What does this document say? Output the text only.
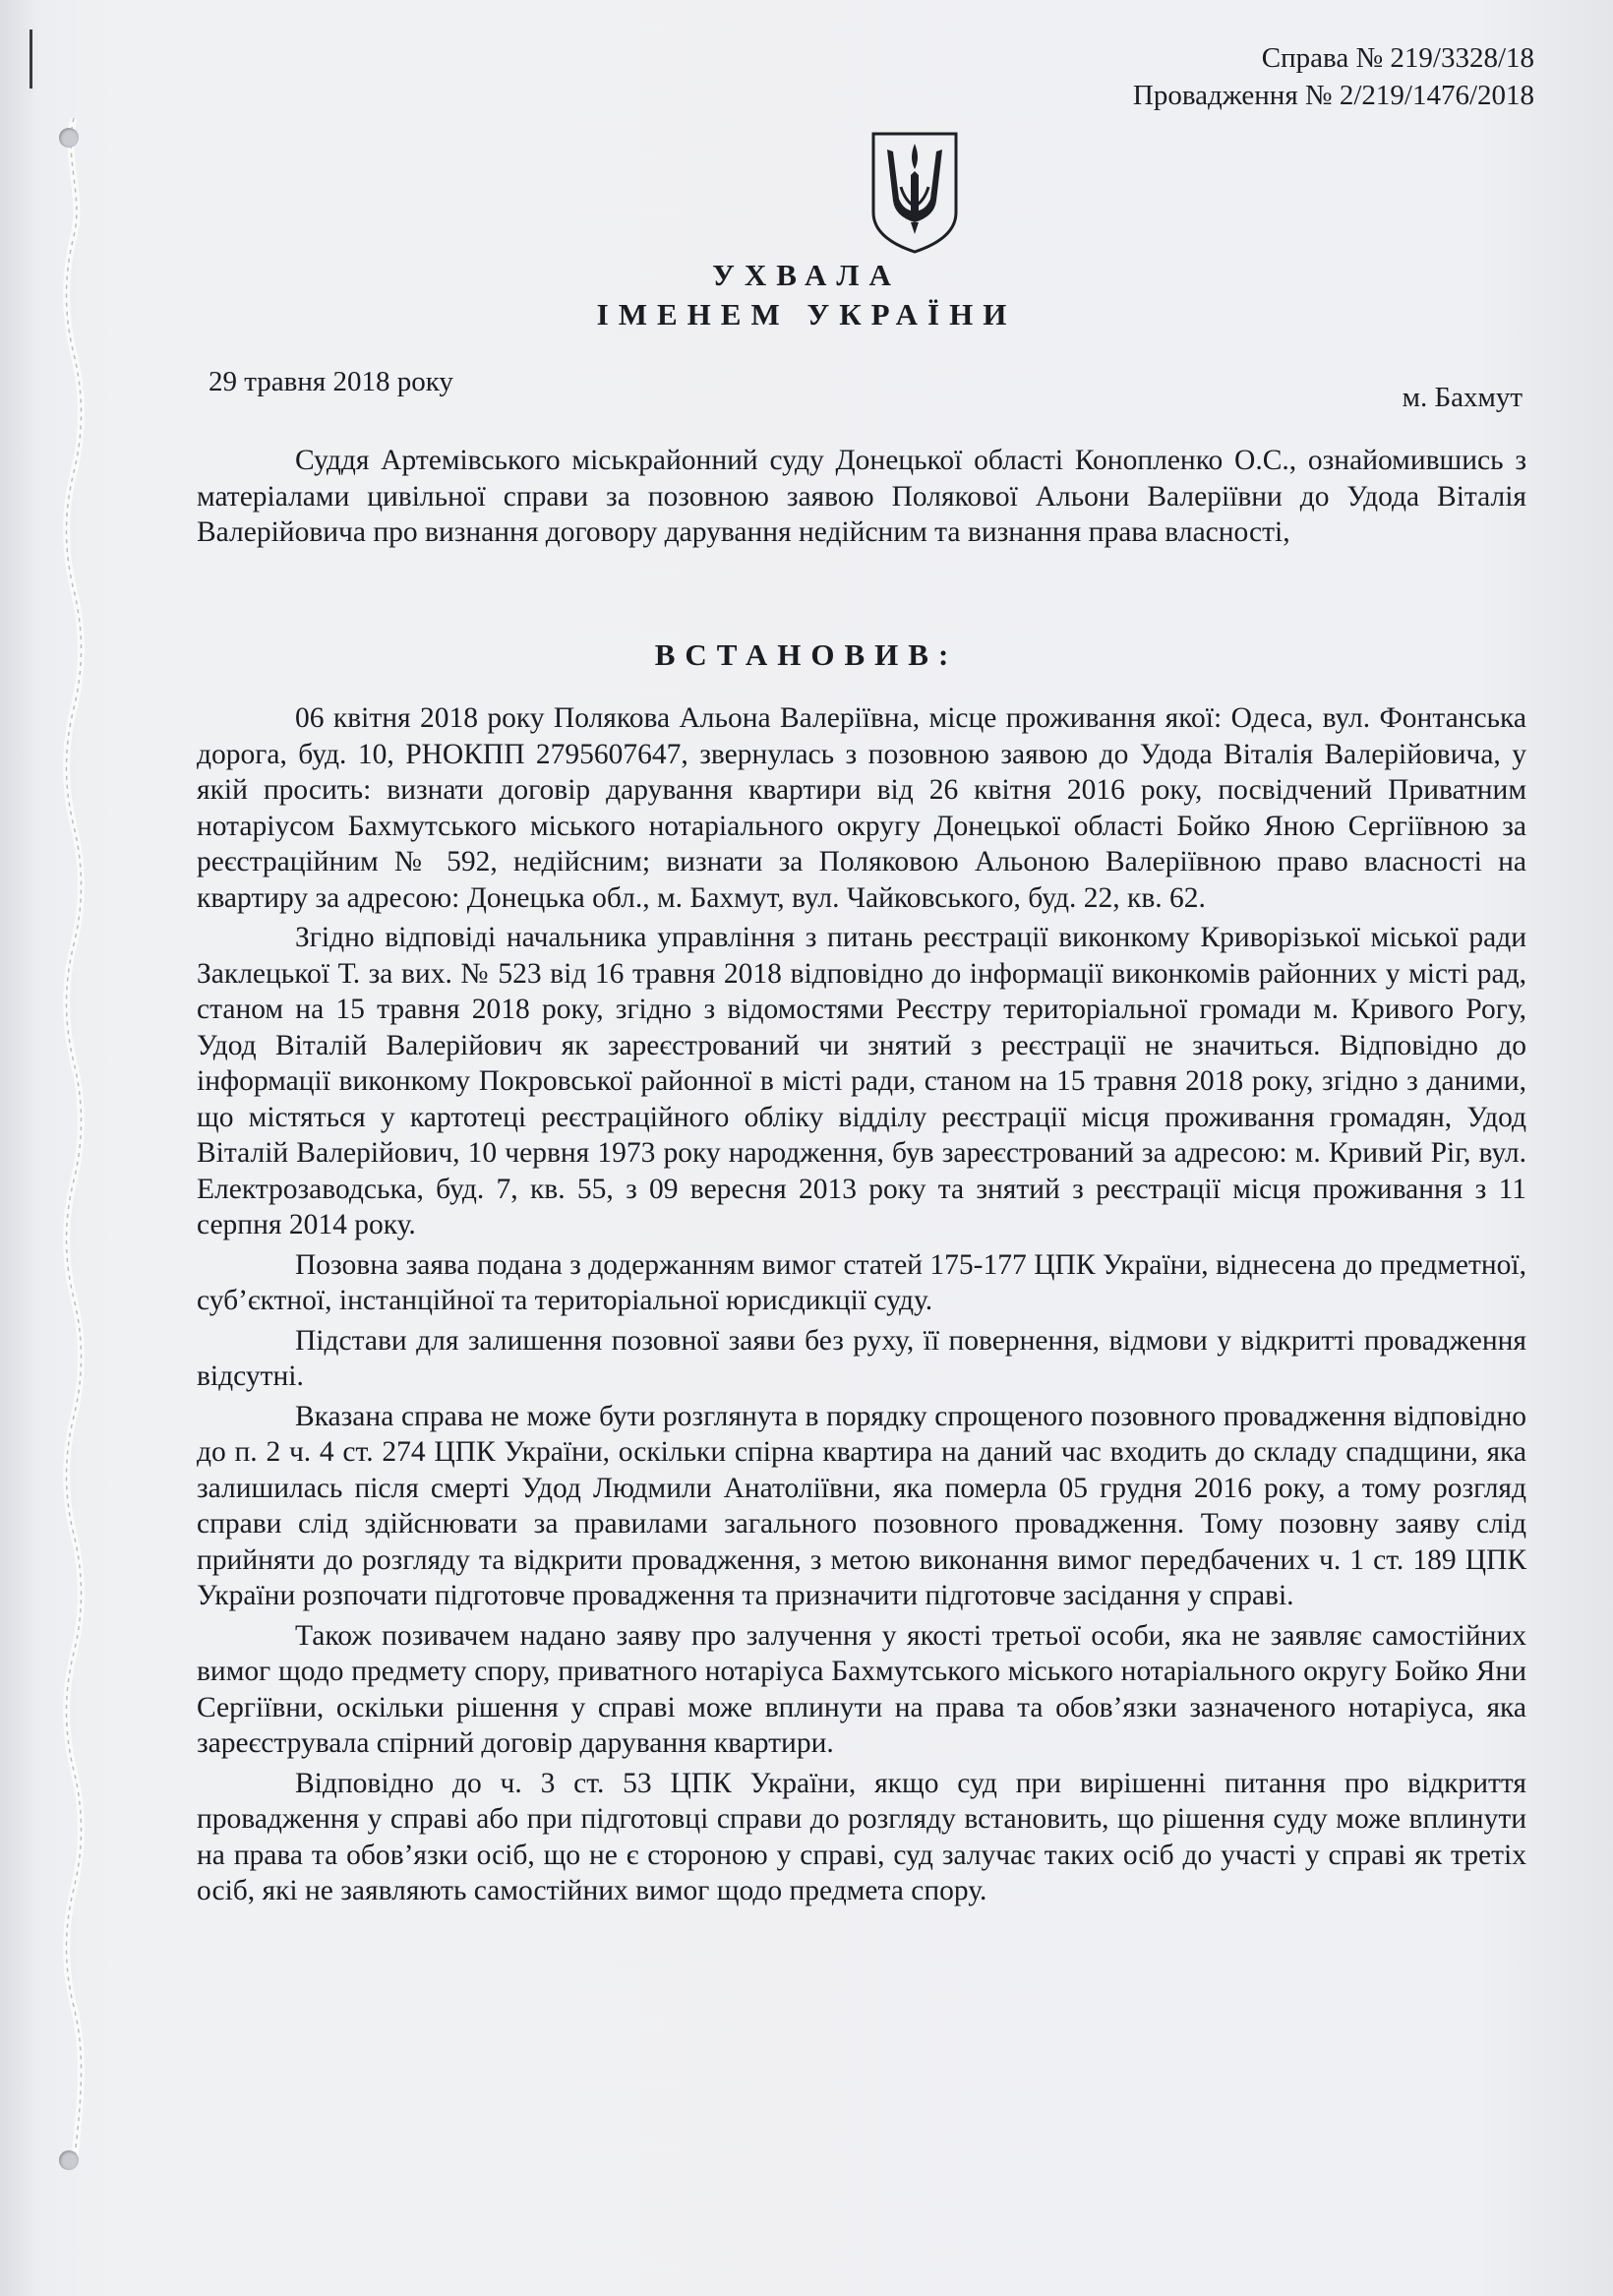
Справа № 219/3328/18
Провадження № 2/219/1476/2018
УХВАЛА
ІМЕНЕМ УКРАЇНИ
29 травня 2018 року	м. Бахмут

Суддя Артемівського міськрайонний суду Донецької області Конопленко О.С., ознайомившись з матеріалами цивільної справи за позовною заявою Полякової Альони Валеріївни до Удода Віталія Валерійовича про визнання договору дарування недійсним та визнання права власності,

ВСТАНОВИВ:

06 квітня 2018 року Полякова Альона Валеріївна, місце проживання якої: Одеса, вул. Фонтанська дорога, буд. 10, РНОКПП 2795607647, звернулась з позовною заявою до Удода Віталія Валерійовича, у якій просить: визнати договір дарування квартири від 26 квітня 2016 року, посвідчений Приватним нотаріусом Бахмутського міського нотаріального округу Донецької області Бойко Яною Сергіївною за реєстраційним № 592, недійсним; визнати за Поляковою Альоною Валеріївною право власності на квартиру за адресою: Донецька обл., м. Бахмут, вул. Чайковського, буд. 22, кв. 62.

Згідно відповіді начальника управління з питань реєстрації виконкому Криворізької міської ради Заклецької Т. за вих. № 523 від 16 травня 2018 відповідно до інформації виконкомів районних у місті рад, станом на 15 травня 2018 року, згідно з відомостями Реєстру територіальної громади м. Кривого Рогу, Удод Віталій Валерійович як зареєстрований чи знятий з реєстрації не значиться. Відповідно до інформації виконкому Покровської районної в місті ради, станом на 15 травня 2018 року, згідно з даними, що містяться у картотеці реєстраційного обліку відділу реєстрації місця проживання громадян, Удод Віталій Валерійович, 10 червня 1973 року народження, був зареєстрований за адресою: м. Кривий Ріг, вул. Електрозаводська, буд. 7, кв. 55, з 09 вересня 2013 року та знятий з реєстрації місця проживання з 11 серпня 2014 року.

Позовна заява подана з додержанням вимог статей 175-177 ЦПК України, віднесена до предметної, суб’єктної, інстанційної та територіальної юрисдикції суду.

Підстави для залишення позовної заяви без руху, її повернення, відмови у відкритті провадження відсутні.

Вказана справа не може бути розглянута в порядку спрощеного позовного провадження відповідно до п. 2 ч. 4 ст. 274 ЦПК України, оскільки спірна квартира на даний час входить до складу спадщини, яка залишилась після смерті Удод Людмили Анатоліївни, яка померла 05 грудня 2016 року, а тому розгляд справи слід здійснювати за правилами загального позовного провадження. Тому позовну заяву слід прийняти до розгляду та відкрити провадження, з метою виконання вимог передбачених ч. 1 ст. 189 ЦПК України розпочати підготовче провадження та призначити підготовче засідання у справі.

Також позивачем надано заяву про залучення у якості третьої особи, яка не заявляє самостійних вимог щодо предмету спору, приватного нотаріуса Бахмутського міського нотаріального округу Бойко Яни Сергіївни, оскільки рішення у справі може вплинути на права та обов’язки зазначеного нотаріуса, яка зареєструвала спірний договір дарування квартири.

Відповідно до ч. 3 ст. 53 ЦПК України, якщо суд при вирішенні питання про відкриття провадження у справі або при підготовці справи до розгляду встановить, що рішення суду може вплинути на права та обов’язки осіб, що не є стороною у справі, суд залучає таких осіб до участі у справі як третіх осіб, які не заявляють самостійних вимог щодо предмета спору.
